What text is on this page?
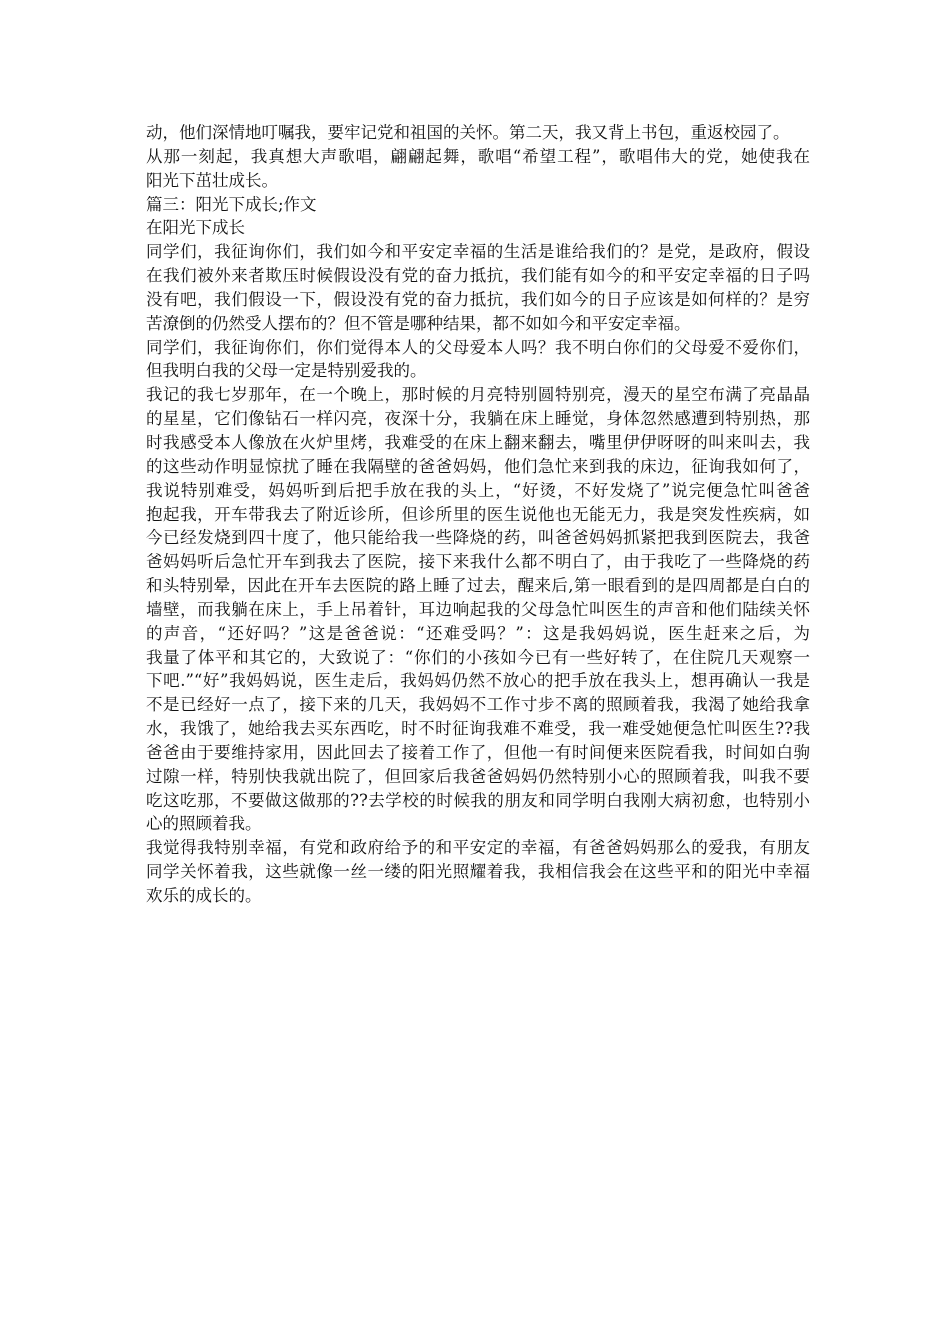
动，他们深情地叮嘱我，要牢记党和祖国的关怀。第二天，我又背上书包，重返校园了。
从那一刻起，我真想大声歌唱，翩翩起舞，歌唱“希望工程”，歌唱伟大的党，她使我在
阳光下茁壮成长。
篇三：阳光下成长;作文
在阳光下成长
同学们，我征询你们，我们如今和平安定幸福的生活是谁给我们的？是党，是政府，假设
在我们被外来者欺压时候假设没有党的奋力抵抗，我们能有如今的和平安定幸福的日子吗
没有吧，我们假设一下，假设没有党的奋力抵抗，我们如今的日子应该是如何样的？是穷
苦潦倒的仍然受人摆布的？但不管是哪种结果，都不如如今和平安定幸福。
同学们，我征询你们，你们觉得本人的父母爱本人吗？我不明白你们的父母爱不爱你们，
但我明白我的父母一定是特别爱我的。
我记的我七岁那年，在一个晚上，那时候的月亮特别圆特别亮，漫天的星空布满了亮晶晶
的星星，它们像钻石一样闪亮，夜深十分，我躺在床上睡觉，身体忽然感遭到特别热，那
时我感受本人像放在火炉里烤，我难受的在床上翻来翻去，嘴里伊伊呀呀的叫来叫去，我
的这些动作明显惊扰了睡在我隔壁的爸爸妈妈，他们急忙来到我的床边，征询我如何了，
我说特别难受，妈妈听到后把手放在我的头上，“好烫，不好发烧了”说完便急忙叫爸爸
抱起我，开车带我去了附近诊所，但诊所里的医生说他也无能无力，我是突发性疾病，如
今已经发烧到四十度了，他只能给我一些降烧的药，叫爸爸妈妈抓紧把我到医院去，我爸
爸妈妈听后急忙开车到我去了医院，接下来我什么都不明白了，由于我吃了一些降烧的药
和头特别晕，因此在开车去医院的路上睡了过去，醒来后,第一眼看到的是四周都是白白的
墙壁，而我躺在床上，手上吊着针，耳边响起我的父母急忙叫医生的声音和他们陆续关怀
的声音，“还好吗？”这是爸爸说：“还难受吗？”：这是我妈妈说，医生赶来之后，为
我量了体平和其它的，大致说了：“你们的小孩如今已有一些好转了，在住院几天观察一
下吧.”“好”我妈妈说，医生走后，我妈妈仍然不放心的把手放在我头上，想再确认一我是
不是已经好一点了，接下来的几天，我妈妈不工作寸步不离的照顾着我，我渴了她给我拿
水，我饿了，她给我去买东西吃，时不时征询我难不难受，我一难受她便急忙叫医生??我
爸爸由于要维持家用，因此回去了接着工作了，但他一有时间便来医院看我，时间如白驹
过隙一样，特别快我就出院了，但回家后我爸爸妈妈仍然特别小心的照顾着我，叫我不要
吃这吃那，不要做这做那的??去学校的时候我的朋友和同学明白我刚大病初愈，也特别小
心的照顾着我。
我觉得我特别幸福，有党和政府给予的和平安定的幸福，有爸爸妈妈那么的爱我，有朋友
同学关怀着我，这些就像一丝一缕的阳光照耀着我，我相信我会在这些平和的阳光中幸福
欢乐的成长的。
